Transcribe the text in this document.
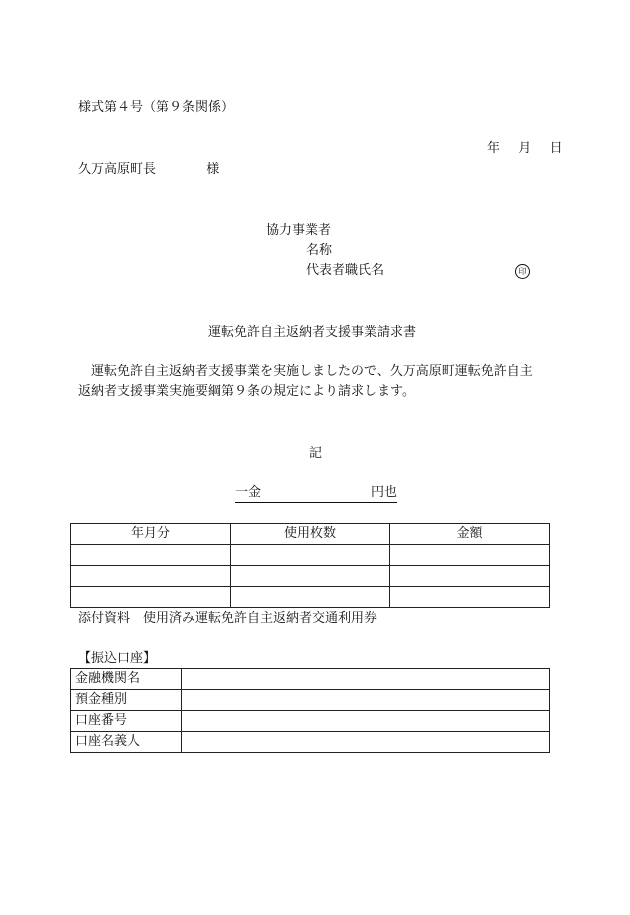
様式第４号（第９条関係）
年 月 日
久万高原町長	様
協力事業者
名称
代表者職氏名	印
運転免許自主返納者支援事業請求書
運転免許自主返納者支援事業を実施しましたので、久万高原町運転免許自主
返納者支援事業実施要綱第９条の規定により請求します。
記
一金	円也
年月分	使用枚数	金額

添付資料　使用済み運転免許自主返納者交通利用券
【振込口座】
金融機関名	
預金種別	
口座番号	
口座名義人	
